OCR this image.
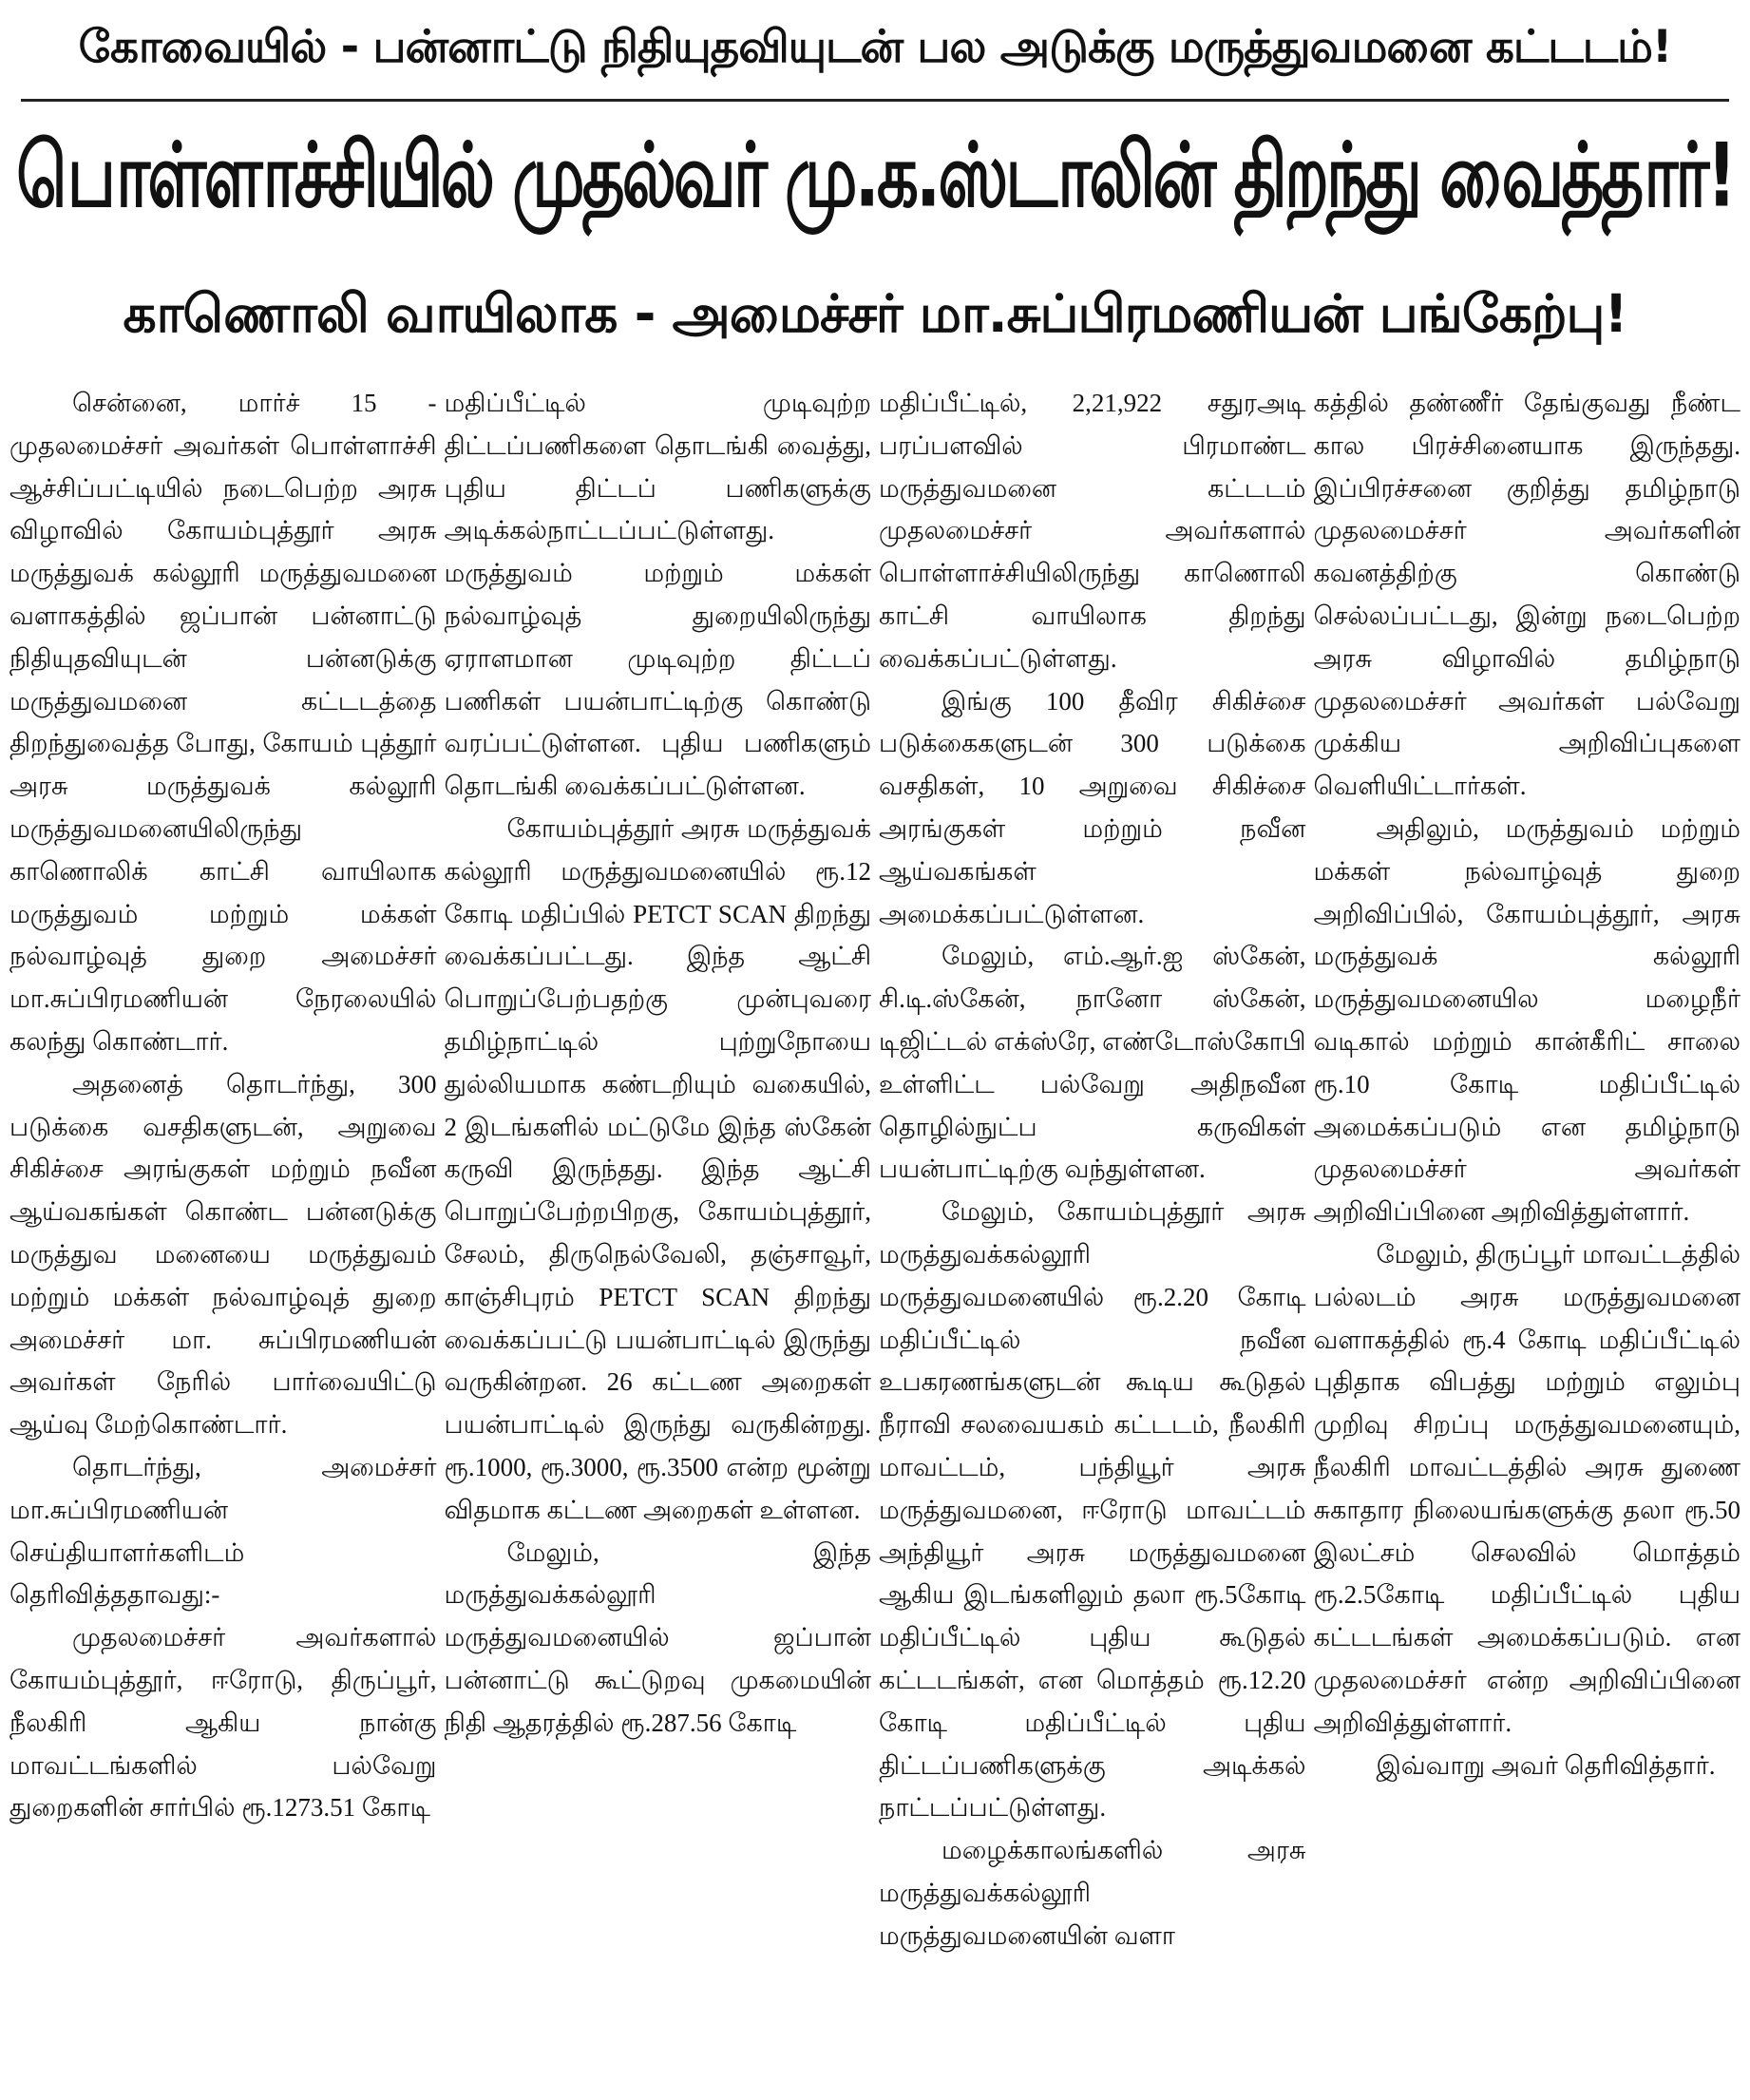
கோவையில் - பன்னாட்டு நிதியுதவியுடன் பல அடுக்கு மருத்துவமனை கட்டடம்!
பொள்ளாச்சியில் முதல்வர் மு.க.ஸ்டாலின் திறந்து வைத்தார்!
காணொலி வாயிலாக - அமைச்சர் மா.சுப்பிரமணியன் பங்கேற்பு!

சென்னை, மார்ச் 15 - முதலமைச்சர் அவர்கள் பொள்ளாச்சி ஆச்சிப்பட்டியில் நடைபெற்ற அரசு விழாவில் கோயம்புத்தூர் அரசு மருத்துவக் கல்லூரி மருத்துவமனை வளாகத்தில் ஜப்பான் பன்னாட்டு நிதியுதவியுடன் பன்னடுக்கு மருத்துவமனை கட்டடத்தை திறந்துவைத்த போது, கோயம் புத்தூர் அரசு மருத்துவக் கல்லூரி மருத்துவமனையிலிருந்து காணொலிக் காட்சி வாயிலாக மருத்துவம் மற்றும் மக்கள் நல்வாழ்வுத் துறை அமைச்சர் மா.சுப்பிரமணியன் நேரலையில் கலந்து கொண்டார்.

அதனைத் தொடர்ந்து, 300 படுக்கை வசதிகளுடன், அறுவை சிகிச்சை அரங்குகள் மற்றும் நவீன ஆய்வகங்கள் கொண்ட பன்னடுக்கு மருத்துவ மனையை மருத்துவம் மற்றும் மக்கள் நல்வாழ்வுத் துறை அமைச்சர் மா. சுப்பிரமணியன் அவர்கள் நேரில் பார்வையிட்டு ஆய்வு மேற்கொண்டார்.

தொடர்ந்து, அமைச்சர் மா.சுப்பிரமணியன் செய்தியாளர்களிடம் தெரிவித்ததாவது:-

முதலமைச்சர் அவர்களால் கோயம்புத்தூர், ஈரோடு, திருப்பூர், நீலகிரி ஆகிய நான்கு மாவட்டங்களில் பல்வேறு துறைகளின் சார்பில் ரூ.1273.51 கோடி

மதிப்பீட்டில் முடிவுற்ற திட்டப்பணிகளை தொடங்கி வைத்து, புதிய திட்டப் பணிகளுக்கு அடிக்கல்நாட்டப்பட்டுள்ளது. மருத்துவம் மற்றும் மக்கள் நல்வாழ்வுத் துறையிலிருந்து ஏராளமான முடிவுற்ற திட்டப் பணிகள் பயன்பாட்டிற்கு கொண்டு வரப்பட்டுள்ளன. புதிய பணிகளும் தொடங்கி வைக்கப்பட்டுள்ளன.

கோயம்புத்தூர் அரசு மருத்துவக் கல்லூரி மருத்துவமனையில் ரூ.12 கோடி மதிப்பில் PETCT SCAN திறந்து வைக்கப்பட்டது. இந்த ஆட்சி பொறுப்பேற்பதற்கு முன்புவரை தமிழ்நாட்டில் புற்றுநோயை துல்லியமாக கண்டறியும் வகையில், 2 இடங்களில் மட்டுமே இந்த ஸ்கேன் கருவி இருந்தது. இந்த ஆட்சி பொறுப்பேற்றபிறகு, கோயம்புத்தூர், சேலம், திருநெல்வேலி, தஞ்சாவூர், காஞ்சிபுரம் PETCT SCAN திறந்து வைக்கப்பட்டு பயன்பாட்டில் இருந்து வருகின்றன. 26 கட்டண அறைகள் பயன்பாட்டில் இருந்து வருகின்றது. ரூ.1000, ரூ.3000, ரூ.3500 என்ற மூன்று விதமாக கட்டண அறைகள் உள்ளன.

மேலும், இந்த மருத்துவக்கல்லூரி மருத்துவமனையில் ஜப்பான் பன்னாட்டு கூட்டுறவு முகமையின் நிதி ஆதரத்தில் ரூ.287.56 கோடி

மதிப்பீட்டில், 2,21,922 சதுரஅடி பரப்பளவில் பிரமாண்ட மருத்துவமனை கட்டடம் முதலமைச்சர் அவர்களால் பொள்ளாச்சியிலிருந்து காணொலி காட்சி வாயிலாக திறந்து வைக்கப்பட்டுள்ளது.

இங்கு 100 தீவிர சிகிச்சை படுக்கைகளுடன் 300 படுக்கை வசதிகள், 10 அறுவை சிகிச்சை அரங்குகள் மற்றும் நவீன ஆய்வகங்கள் அமைக்கப்பட்டுள்ளன.

மேலும், எம்.ஆர்.ஐ ஸ்கேன், சி.டி.ஸ்கேன், நானோ ஸ்கேன், டிஜிட்டல் எக்ஸ்ரே, எண்டோஸ்கோபி உள்ளிட்ட பல்வேறு அதிநவீன தொழில்நுட்ப கருவிகள் பயன்பாட்டிற்கு வந்துள்ளன.

மேலும், கோயம்புத்தூர் அரசு மருத்துவக்கல்லூரி மருத்துவமனையில் ரூ.2.20 கோடி மதிப்பீட்டில் நவீன உபகரணங்களுடன் கூடிய கூடுதல் நீராவி சலவையகம் கட்டடம், நீலகிரி மாவட்டம், பந்தியூர் அரசு மருத்துவமனை, ஈரோடு மாவட்டம் அந்தியூர் அரசு மருத்துவமனை ஆகிய இடங்களிலும் தலா ரூ.5கோடி மதிப்பீட்டில் புதிய கூடுதல் கட்டடங்கள், என மொத்தம் ரூ.12.20 கோடி மதிப்பீட்டில் புதிய திட்டப்பணிகளுக்கு அடிக்கல் நாட்டப்பட்டுள்ளது.

மழைக்காலங்களில் அரசு மருத்துவக்கல்லூரி மருத்துவமனையின் வளா

கத்தில் தண்ணீர் தேங்குவது நீண்ட கால பிரச்சினையாக இருந்தது. இப்பிரச்சனை குறித்து தமிழ்நாடு முதலமைச்சர் அவர்களின் கவனத்திற்கு கொண்டு செல்லப்பட்டது, இன்று நடைபெற்ற அரசு விழாவில் தமிழ்நாடு முதலமைச்சர் அவர்கள் பல்வேறு முக்கிய அறிவிப்புகளை வெளியிட்டார்கள்.

அதிலும், மருத்துவம் மற்றும் மக்கள் நல்வாழ்வுத் துறை அறிவிப்பில், கோயம்புத்தூர், அரசு மருத்துவக் கல்லூரி மருத்துவமனையில மழைநீர் வடிகால் மற்றும் கான்கீரிட் சாலை ரூ.10 கோடி மதிப்பீட்டில் அமைக்கப்படும் என தமிழ்நாடு முதலமைச்சர் அவர்கள் அறிவிப்பினை அறிவித்துள்ளார்.

மேலும், திருப்பூர் மாவட்டத்தில் பல்லடம் அரசு மருத்துவமனை வளாகத்தில் ரூ.4 கோடி மதிப்பீட்டில் புதிதாக விபத்து மற்றும் எலும்பு முறிவு சிறப்பு மருத்துவமனையும், நீலகிரி மாவட்டத்தில் அரசு துணை சுகாதார நிலையங்களுக்கு தலா ரூ.50 இலட்சம் செலவில் மொத்தம் ரூ.2.5கோடி மதிப்பீட்டில் புதிய கட்டடங்கள் அமைக்கப்படும். என முதலமைச்சர் என்ற அறிவிப்பினை அறிவித்துள்ளார்.

இவ்வாறு அவர் தெரிவித்தார்.
